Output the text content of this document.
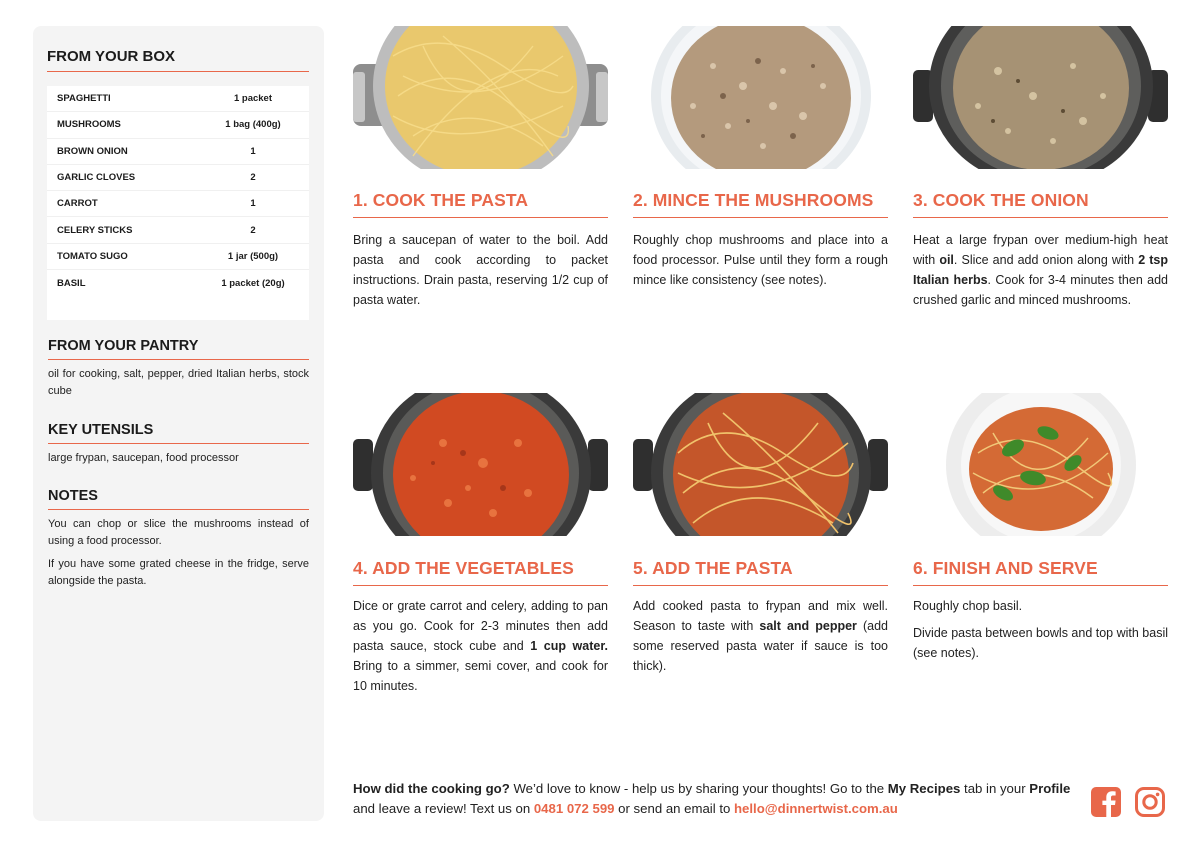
FROM YOUR BOX
SPAGHETTI	1 packet
MUSHROOMS	1 bag (400g)
BROWN ONION	1
GARLIC CLOVES	2
CARROT	1
CELERY STICKS	2
TOMATO SUGO	1 jar (500g)
BASIL	1 packet (20g)
FROM YOUR PANTRY
oil for cooking, salt, pepper, dried Italian herbs, stock cube
KEY UTENSILS
large frypan, saucepan, food processor
NOTES

You can chop or slice the mushrooms instead of using a food processor.

If you have some grated cheese in the fridge, serve alongside the pasta.

1. COOK THE PASTA
Bring a saucepan of water to the boil. Add pasta and cook according to packet instructions. Drain pasta, reserving 1/2 cup of pasta water.
2. MINCE THE MUSHROOMS
Roughly chop mushrooms and place into a food processor. Pulse until they form a rough mince like consistency (see notes).
3. COOK THE ONION
Heat a large frypan over medium-high heat with oil. Slice and add onion along with 2 tsp Italian herbs. Cook for 3-4 minutes then add crushed garlic and minced mushrooms.
4. ADD THE VEGETABLES
Dice or grate carrot and celery, adding to pan as you go. Cook for 2-3 minutes then add pasta sauce, stock cube and 1 cup water. Bring to a simmer, semi cover, and cook for 10 minutes.
5. ADD THE PASTA
Add cooked pasta to frypan and mix well. Season to taste with salt and pepper (add some reserved pasta water if sauce is too thick).
6. FINISH AND SERVE

Roughly chop basil.

Divide pasta between bowls and top with basil (see notes).

How did the cooking go? We’d love to know - help us by sharing your thoughts! Go to the My Recipes tab in your Profile and leave a review! Text us on 0481 072 599 or send an email to hello@dinnertwist.com.au
